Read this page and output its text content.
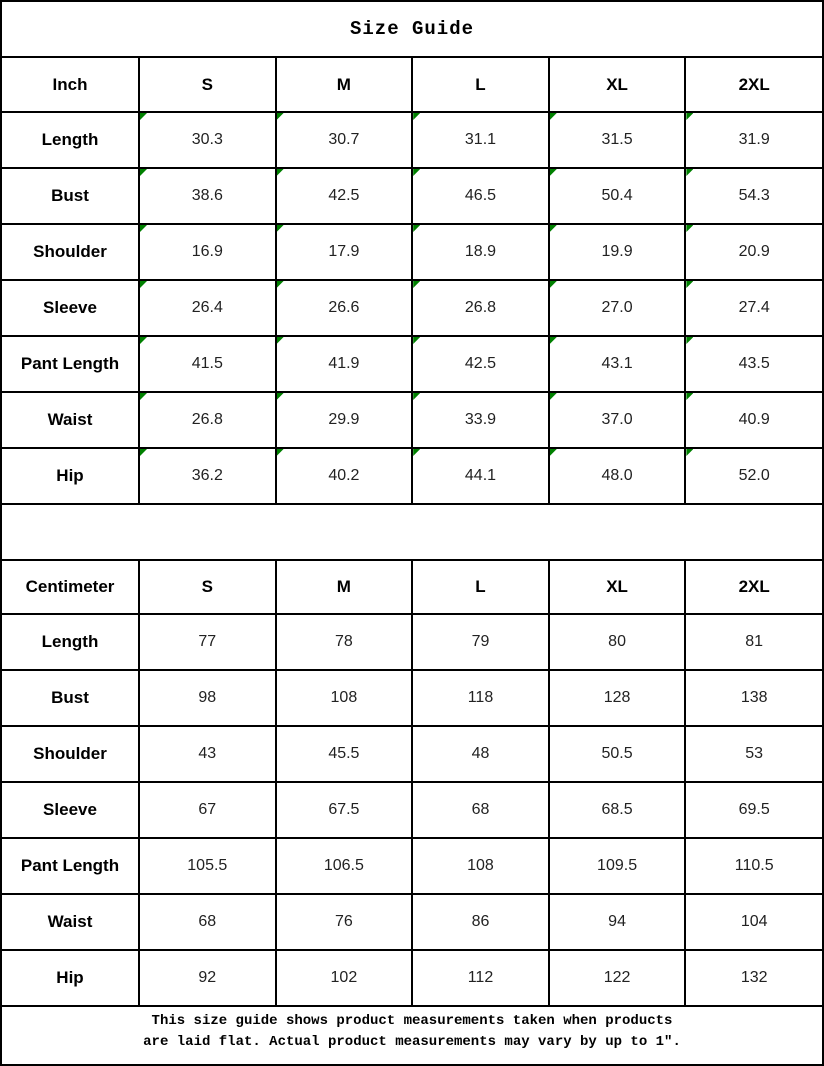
Size Guide
Inch	S	M	L	XL	2XL
Length	30.3	30.7	31.1	31.5	31.9

Bust	38.6	42.5	46.5	50.4	54.3

Shoulder	16.9	17.9	18.9	19.9	20.9

Sleeve	26.4	26.6	26.8	27.0	27.4

Pant Length	41.5	41.9	42.5	43.1	43.5

Waist	26.8	29.9	33.9	37.0	40.9

Hip	36.2	40.2	44.1	48.0	52.0
Centimeter	S	M	L	XL	2XL
Length	77	78	79	80	81
Bust	98	108	118	128	138
Shoulder	43	45.5	48	50.5	53
Sleeve	67	67.5	68	68.5	69.5
Pant Length	105.5	106.5	108	109.5	110.5
Waist	68	76	86	94	104
Hip	92	102	112	122	132
This size guide shows product measurements taken when products
are laid flat. Actual product measurements may vary by up to 1″.
